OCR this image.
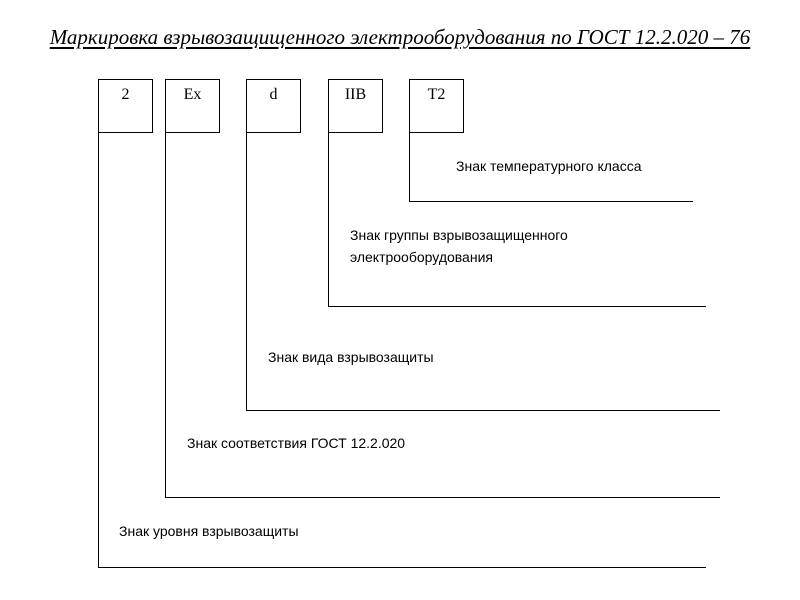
Маркировка взрывозащищенного электрооборудования по ГОСТ 12.2.020 – 76
2	Ex	d	IIB	T2
Знак температурного класса
Знак группы взрывозащищенного
электрооборудования
Знак вида взрывозащиты
Знак соответствия ГОСТ 12.2.020
Знак уровня взрывозащиты
